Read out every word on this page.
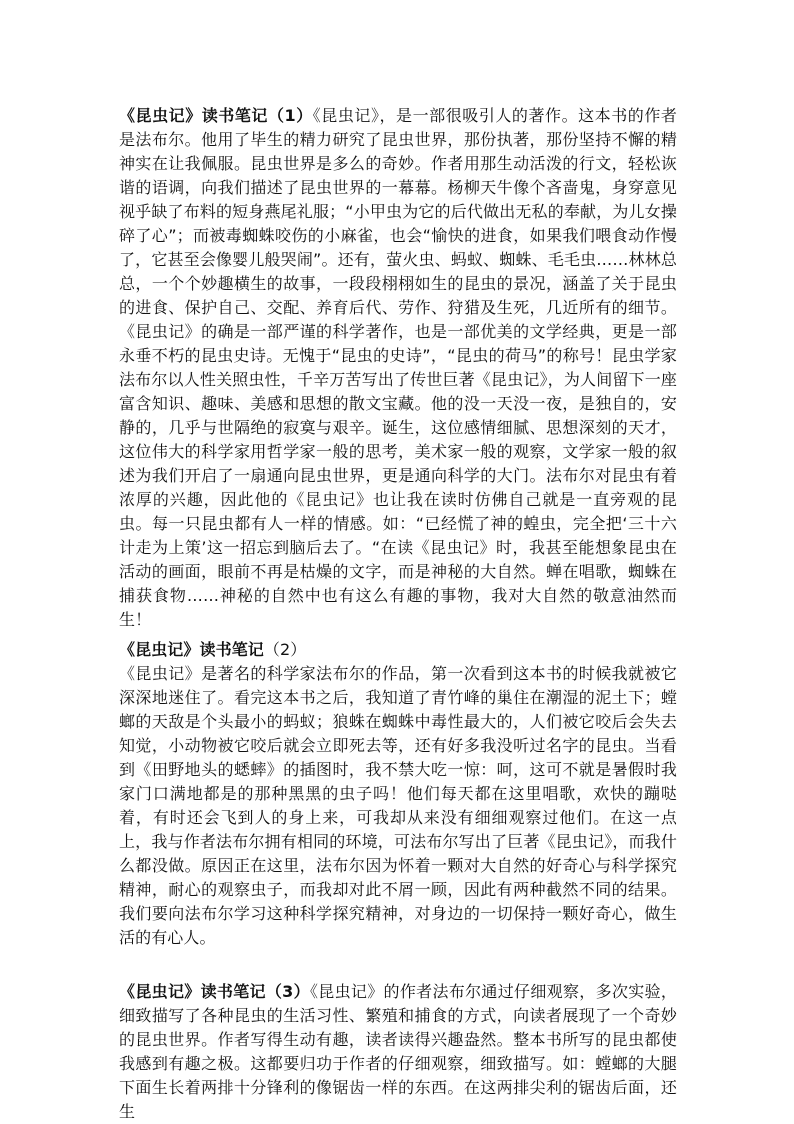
《昆虫记》读书笔记（1）《昆虫记》，是一部很吸引人的著作。这本书的作者是法布尔。他用了毕生的精力研究了昆虫世界，那份执著，那份坚持不懈的精神实在让我佩服。昆虫世界是多么的奇妙。作者用那生动活泼的行文，轻松诙谐的语调，向我们描述了昆虫世界的一幕幕。杨柳天牛像个吝啬鬼，身穿意见视乎缺了布料的短身燕尾礼服；“小甲虫为它的后代做出无私的奉献，为儿女操碎了心”；而被毒蜘蛛咬伤的小麻雀，也会“愉快的进食，如果我们喂食动作慢了，它甚至会像婴儿般哭闹”。还有，萤火虫、蚂蚁、蜘蛛、毛毛虫……林林总总，一个个妙趣横生的故事，一段段栩栩如生的昆虫的景况，涵盖了关于昆虫的进食、保护自己、交配、养育后代、劳作、狩猎及生死，几近所有的细节。《昆虫记》的确是一部严谨的科学著作，也是一部优美的文学经典，更是一部永垂不朽的昆虫史诗。无愧于“昆虫的史诗”，“昆虫的荷马”的称号！昆虫学家法布尔以人性关照虫性，千辛万苦写出了传世巨著《昆虫记》，为人间留下一座富含知识、趣味、美感和思想的散文宝藏。他的没一天没一夜，是独自的，安静的，几乎与世隔绝的寂寞与艰辛。诞生，这位感情细腻、思想深刻的天才，这位伟大的科学家用哲学家一般的思考，美术家一般的观察，文学家一般的叙述为我们开启了一扇通向昆虫世界，更是通向科学的大门。法布尔对昆虫有着浓厚的兴趣，因此他的《昆虫记》也让我在读时仿佛自己就是一直旁观的昆虫。每一只昆虫都有人一样的情感。如：“已经慌了神的蝗虫，完全把‘三十六计走为上策’这一招忘到脑后去了。“在读《昆虫记》时，我甚至能想象昆虫在活动的画面，眼前不再是枯燥的文字，而是神秘的大自然。蝉在唱歌，蜘蛛在捕获食物……神秘的自然中也有这么有趣的事物，我对大自然的敬意油然而生！

《昆虫记》读书笔记（2）

《昆虫记》是著名的科学家法布尔的作品，第一次看到这本书的时候我就被它深深地迷住了。看完这本书之后，我知道了青竹峰的巢住在潮湿的泥土下；螳螂的天敌是个头最小的蚂蚁；狼蛛在蜘蛛中毒性最大的，人们被它咬后会失去知觉，小动物被它咬后就会立即死去等，还有好多我没听过名字的昆虫。当看到《田野地头的蟋蟀》的插图时，我不禁大吃一惊：呵，这可不就是暑假时我家门口满地都是的那种黑黑的虫子吗！他们每天都在这里唱歌，欢快的蹦哒着，有时还会飞到人的身上来，可我却从来没有细细观察过他们。在这一点上，我与作者法布尔拥有相同的环境，可法布尔写出了巨著《昆虫记》，而我什么都没做。原因正在这里，法布尔因为怀着一颗对大自然的好奇心与科学探究精神，耐心的观察虫子，而我却对此不屑一顾，因此有两种截然不同的结果。我们要向法布尔学习这种科学探究精神，对身边的一切保持一颗好奇心，做生活的有心人。

《昆虫记》读书笔记（3）《昆虫记》的作者法布尔通过仔细观察，多次实验，细致描写了各种昆虫的生活习性、繁殖和捕食的方式，向读者展现了一个奇妙的昆虫世界。作者写得生动有趣，读者读得兴趣盎然。整本书所写的昆虫都使我感到有趣之极。这都要归功于作者的仔细观察，细致描写。如：螳螂的大腿下面生长着两排十分锋利的像锯齿一样的东西。在这两排尖利的锯齿后面，还生
